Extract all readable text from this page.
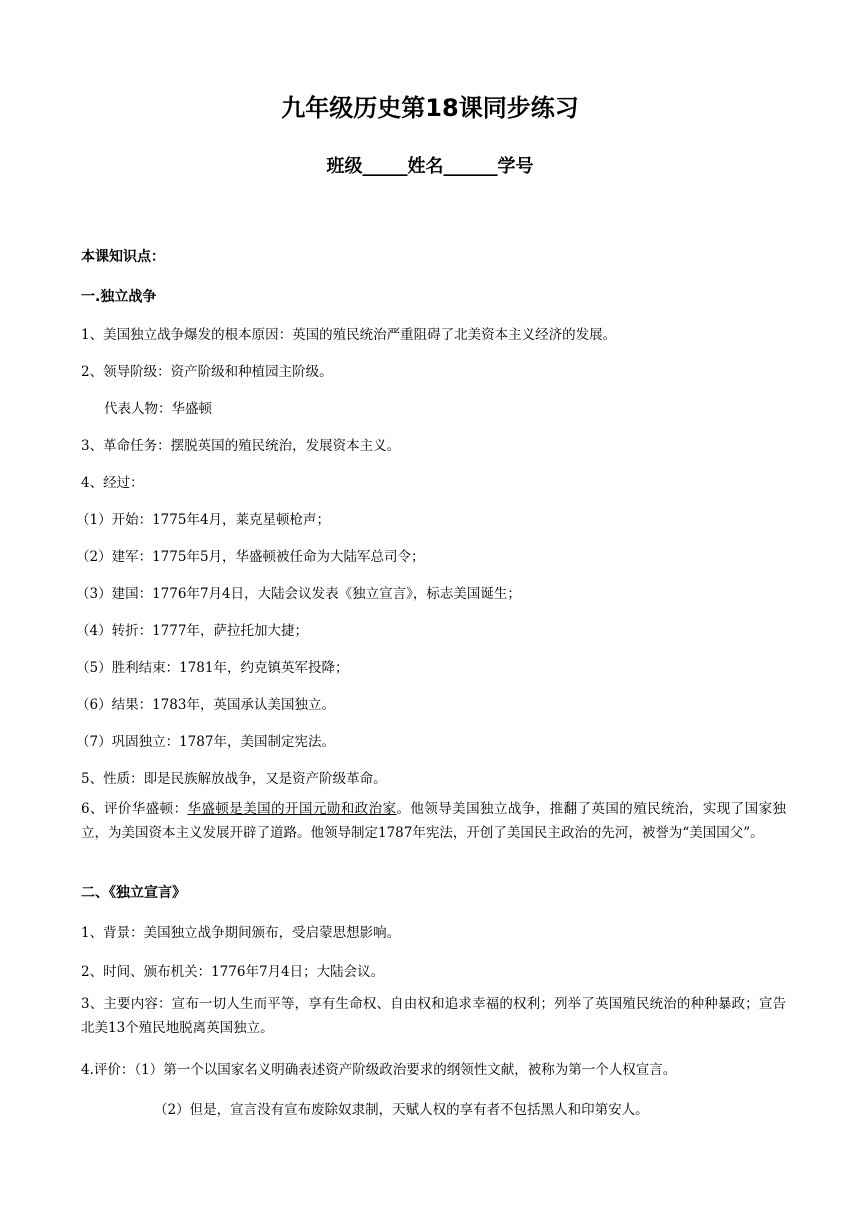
九年级历史第18课同步练习
班级_____姓名______学号
本课知识点：
一.独立战争
1、美国独立战争爆发的根本原因：英国的殖民统治严重阻碍了北美资本主义经济的发展。
2、领导阶级：资产阶级和种植园主阶级。
代表人物：华盛顿
3、革命任务：摆脱英国的殖民统治，发展资本主义。
4、经过：
（1）开始：1775年4月，莱克星顿枪声；
（2）建军：1775年5月，华盛顿被任命为大陆军总司令；
（3）建国：1776年7月4日，大陆会议发表《独立宣言》，标志美国诞生；
（4）转折：1777年，萨拉托加大捷；
（5）胜利结束：1781年，约克镇英军投降；
（6）结果：1783年，英国承认美国独立。
（7）巩固独立：1787年，美国制定宪法。
5、性质：即是民族解放战争，又是资产阶级革命。
6、评价华盛顿：华盛顿是美国的开国元勋和政治家。他领导美国独立战争，推翻了英国的殖民统治，实现了国家独立，为美国资本主义发展开辟了道路。他领导制定1787年宪法，开创了美国民主政治的先河，被誉为“美国国父”。
二、《独立宣言》
1、背景：美国独立战争期间颁布，受启蒙思想影响。
2、时间、颁布机关：1776年7月4日；大陆会议。
3、主要内容：宣布一切人生而平等，享有生命权、自由权和追求幸福的权利；列举了英国殖民统治的种种暴政；宣告北美13个殖民地脱离英国独立。
4.评价：（1）第一个以国家名义明确表述资产阶级政治要求的纲领性文献，被称为第一个人权宣言。
（2）但是，宣言没有宣布废除奴隶制，天赋人权的享有者不包括黑人和印第安人。
